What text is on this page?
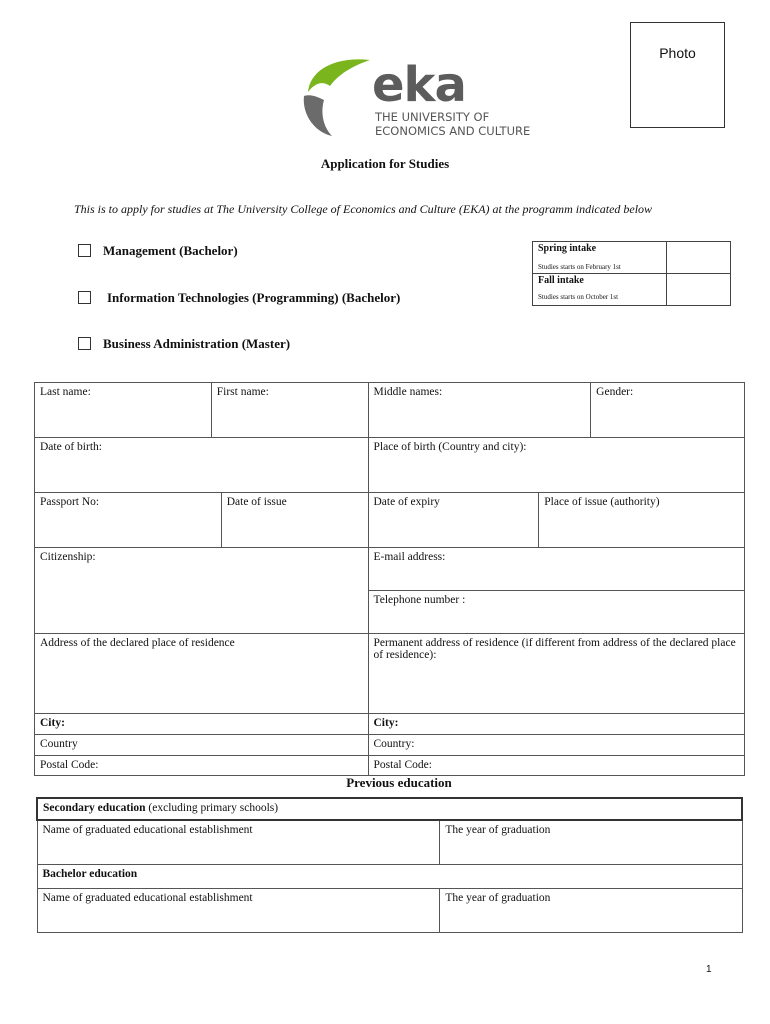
Photo
eka
THE UNIVERSITY OF
ECONOMICS AND CULTURE
Application for Studies
This is to apply for studies at The University College of Economics and Culture (EKA) at the programm indicated below
Management (Bachelor)
Information Technologies (Programming) (Bachelor)
Business Administration (Master)
Spring intake
Studies starts on February 1st	

Fall intake
Studies starts on October 1st	

Last name:	First name:		Middle names:		Gender:
Date of birth:			Place of birth (Country and city):		
Passport No:		Date of issue	Date of expiry	Place of issue (authority)	
Citizenship:			E-mail address:		
			Telephone number :		
Address of the declared place of residence			Permanent address of residence (if different from address of the declared place of residence):		
City:			City:		
Country			Country:		
Postal Code:			Postal Code:		
Previous education
Secondary education (excluding primary schools)	
Name of graduated educational establishment	The year of graduation
Bachelor education	
Name of graduated educational establishment	The year of graduation
1
